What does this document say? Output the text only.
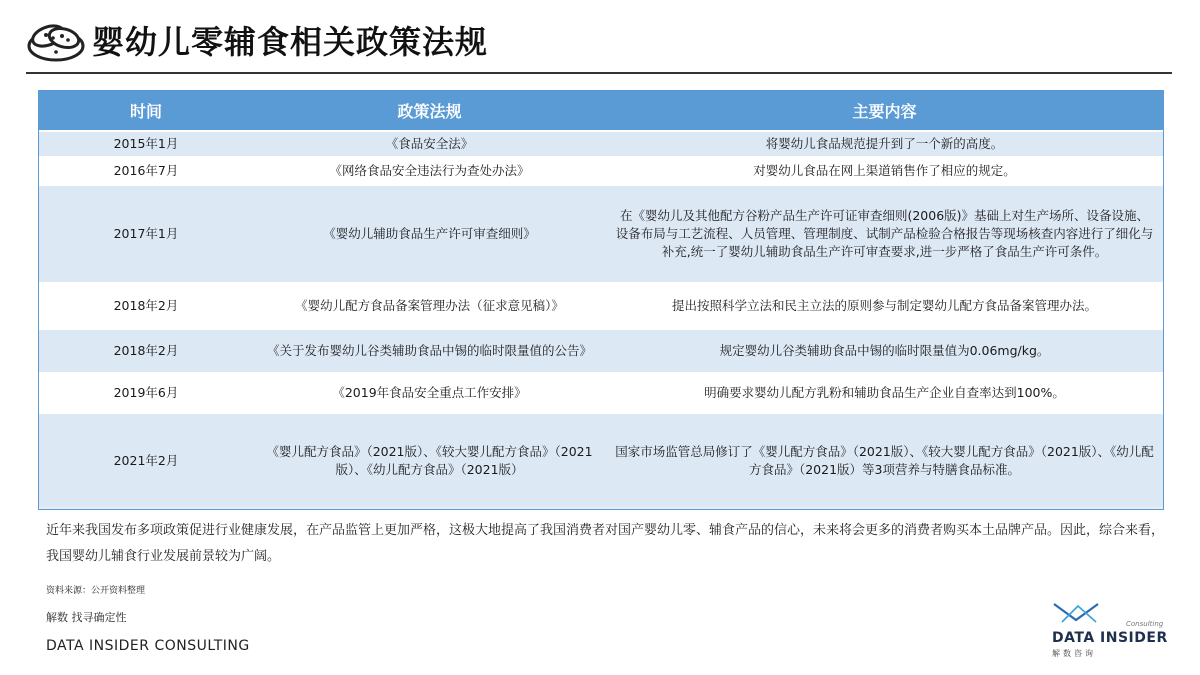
婴幼儿零辅食相关政策法规
时间	政策法规	主要内容
2015年1月	《食品安全法》	将婴幼儿食品规范提升到了一个新的高度。
2016年7月	《网络食品安全违法行为查处办法》	对婴幼儿食品在网上渠道销售作了相应的规定。
2017年1月	《婴幼儿辅助食品生产许可审查细则》	在《婴幼儿及其他配方谷粉产品生产许可证审查细则(2006版)》基础上对生产场所、设备设施、设备布局与工艺流程、人员管理、管理制度、试制产品检验合格报告等现场核查内容进行了细化与补充,统一了婴幼儿辅助食品生产许可审查要求,进一步严格了食品生产许可条件。
2018年2月	《婴幼儿配方食品备案管理办法（征求意见稿）》	提出按照科学立法和民主立法的原则参与制定婴幼儿配方食品备案管理办法。
2018年2月	《关于发布婴幼儿谷类辅助食品中锡的临时限量值的公告》	规定婴幼儿谷类辅助食品中锡的临时限量值为0.06mg/kg。
2019年6月	《2019年食品安全重点工作安排》	明确要求婴幼儿配方乳粉和辅助食品生产企业自查率达到100%。
2021年2月	《婴儿配方食品》（2021版）、《较大婴儿配方食品》（2021版）、《幼儿配方食品》（2021版）	国家市场监管总局修订了《婴儿配方食品》（2021版）、《较大婴儿配方食品》（2021版）、《幼儿配方食品》（2021版）等3项营养与特膳食品标准。
近年来我国发布多项政策促进行业健康发展，在产品监管上更加严格，这极大地提高了我国消费者对国产婴幼儿零、辅食产品的信心，未来将会更多的消费者购买本土品牌产品。因此，综合来看，我国婴幼儿辅食行业发展前景较为广阔。
资料来源：公开资料整理
解数 找寻确定性
DATA INSIDER CONSULTING
Consulting
DATA INSIDER
解数咨询
